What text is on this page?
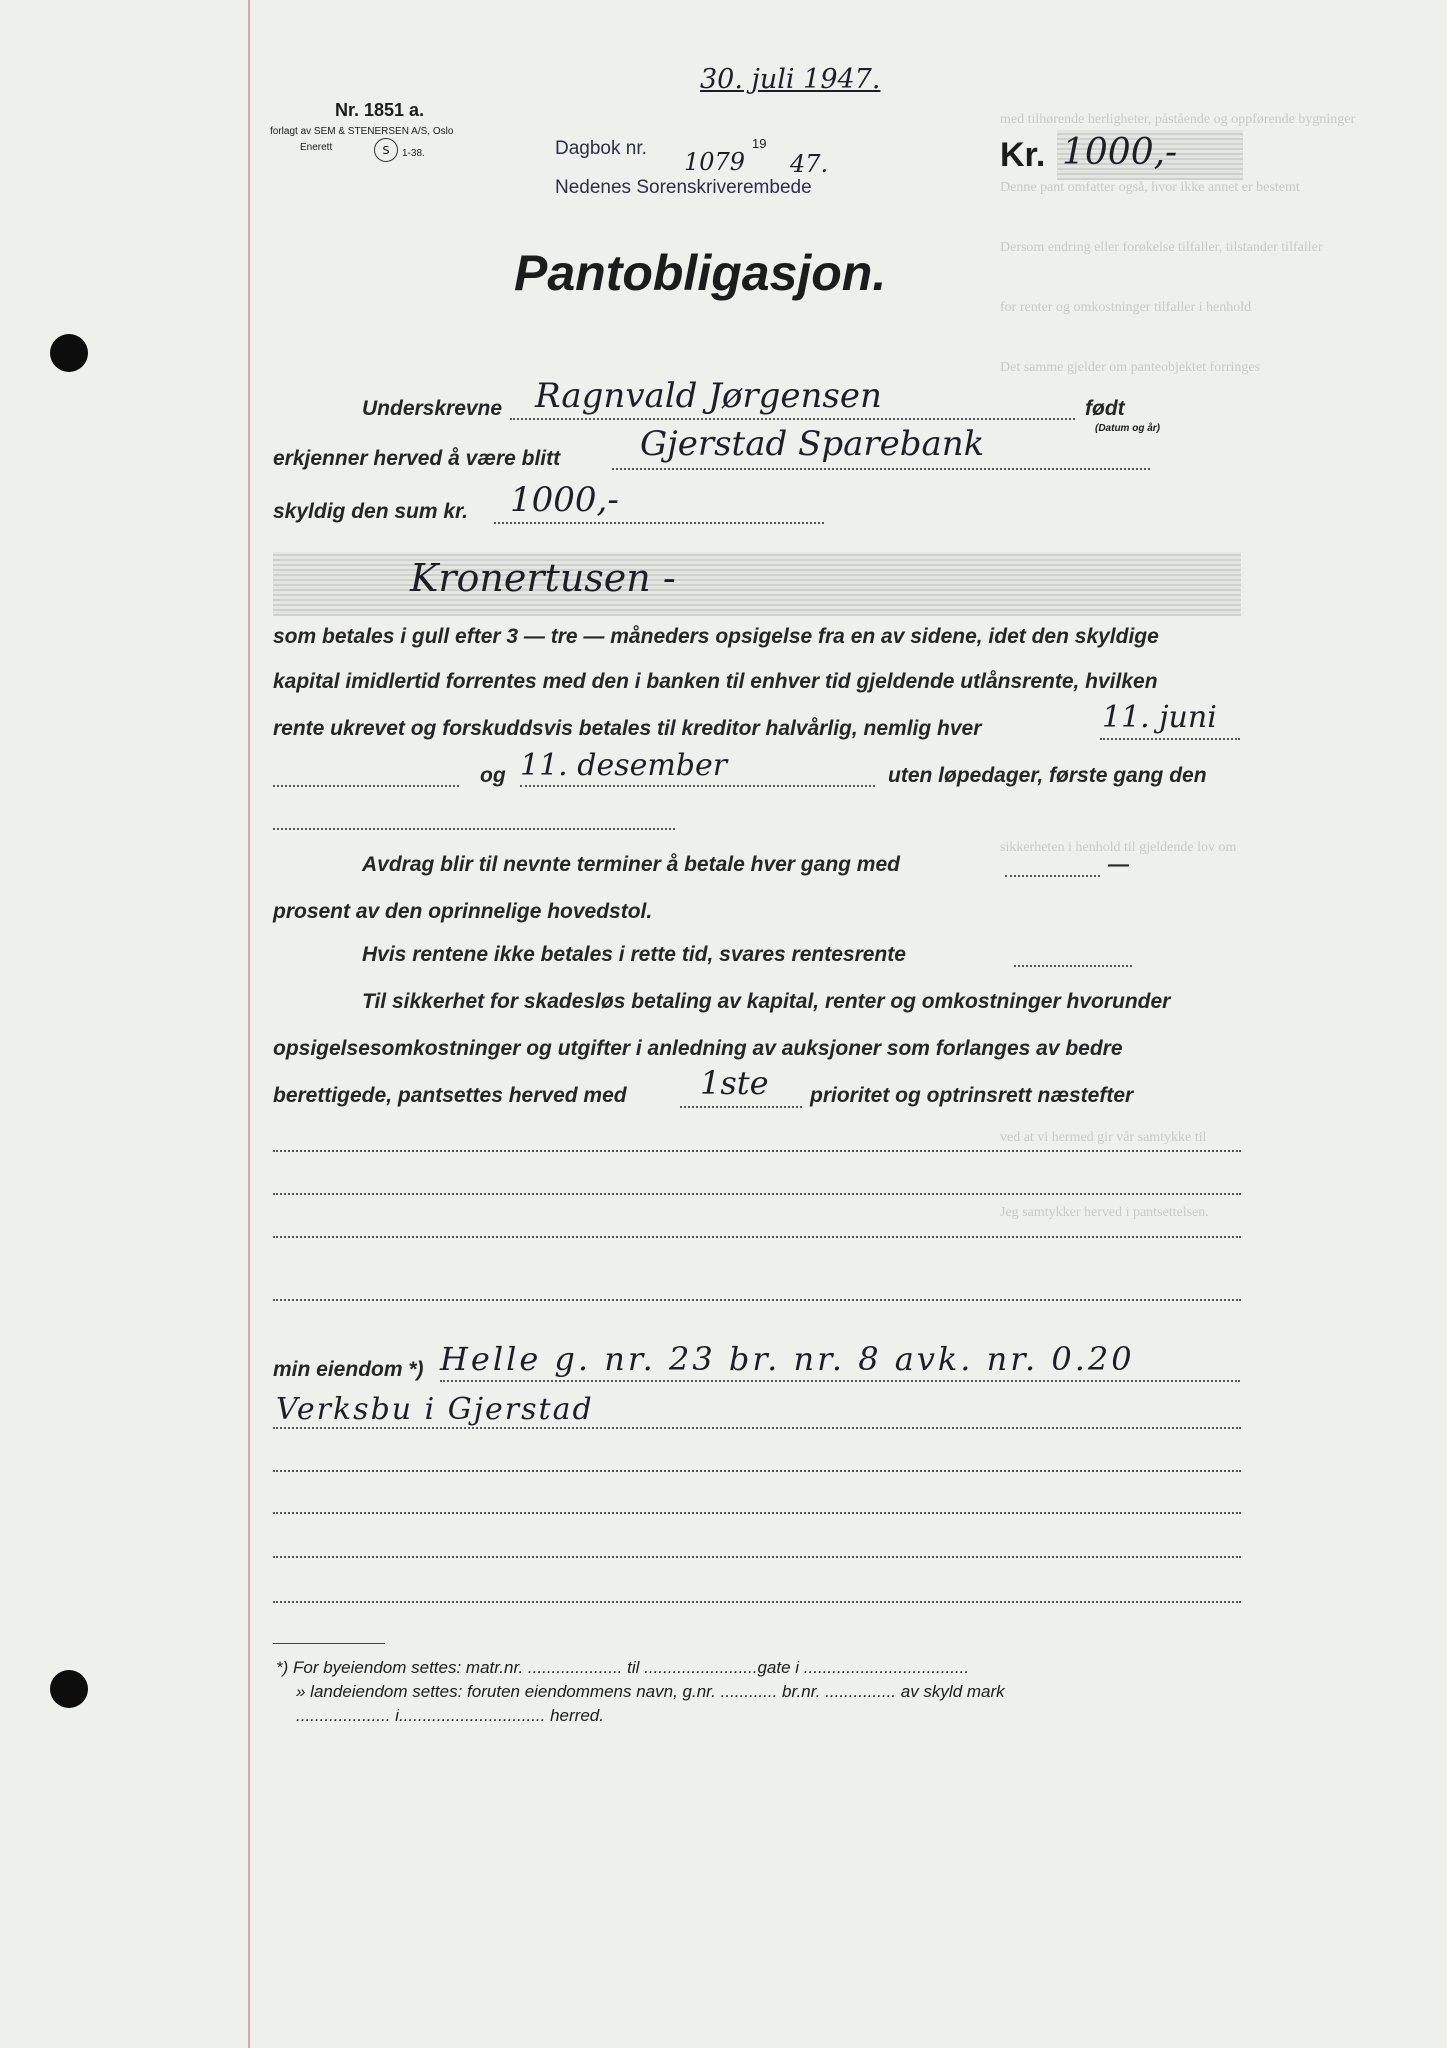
med tilhørende herligheter, påstående og oppførende bygninger
Denne pant omfatter også, hvor ikke annet er bestemt
Dersom endring eller forøkelse tilfaller, tilstander tilfaller
for renter og omkostninger tilfaller i henhold
Det samme gjelder om panteobjektet forringes
sikkerheten i henhold til gjeldende lov om
ved at vi hermed gir vår samtykke til
Jeg samtykker herved i pantsettelsen.
30. juli 1947.
Nr. 1851 a.
forlagt av SEM & STENERSEN A/S, Oslo
Enerett	S 1-38.	Dagbok nr. 1079
19
47.
Nedenes Sorenskriverembede
Kr. 1000,-
Pantobligasjon.
Underskrevne Ragnvald Jørgensen	født
(Datum og år)
erkjenner herved å være blitt Gjerstad Sparebank
skyldig den sum kr. 1000,-
Kronertusen -
som betales i gull efter 3 — tre — måneders opsigelse fra en av sidene, idet den skyldige
kapital imidlertid forrentes med den i banken til enhver tid gjeldende utlånsrente, hvilken
rente ukrevet og forskuddsvis betales til kreditor halvårlig, nemlig hver	11. juni
og 11. desember	uten løpedager, første gang den
Avdrag blir til nevnte terminer å betale hver gang med	—
prosent av den oprinnelige hovedstol.
Hvis rentene ikke betales i rette tid, svares rentesrente
Til sikkerhet for skadesløs betaling av kapital, renter og omkostninger hvorunder
opsigelsesomkostninger og utgifter i anledning av auksjoner som forlanges av bedre
berettigede, pantsettes herved med 1ste prioritet og optrinsrett næstefter
min eiendom *) Helle g. nr. 23 br. nr. 8 avk. nr. 0.20
Verksbu i Gjerstad
*) For byeiendom settes: matr.nr. .................... til ........................gate i ...................................
» landeiendom settes: foruten eiendommens navn, g.nr. ............ br.nr. ............... av skyld mark
.................... i............................... herred.
